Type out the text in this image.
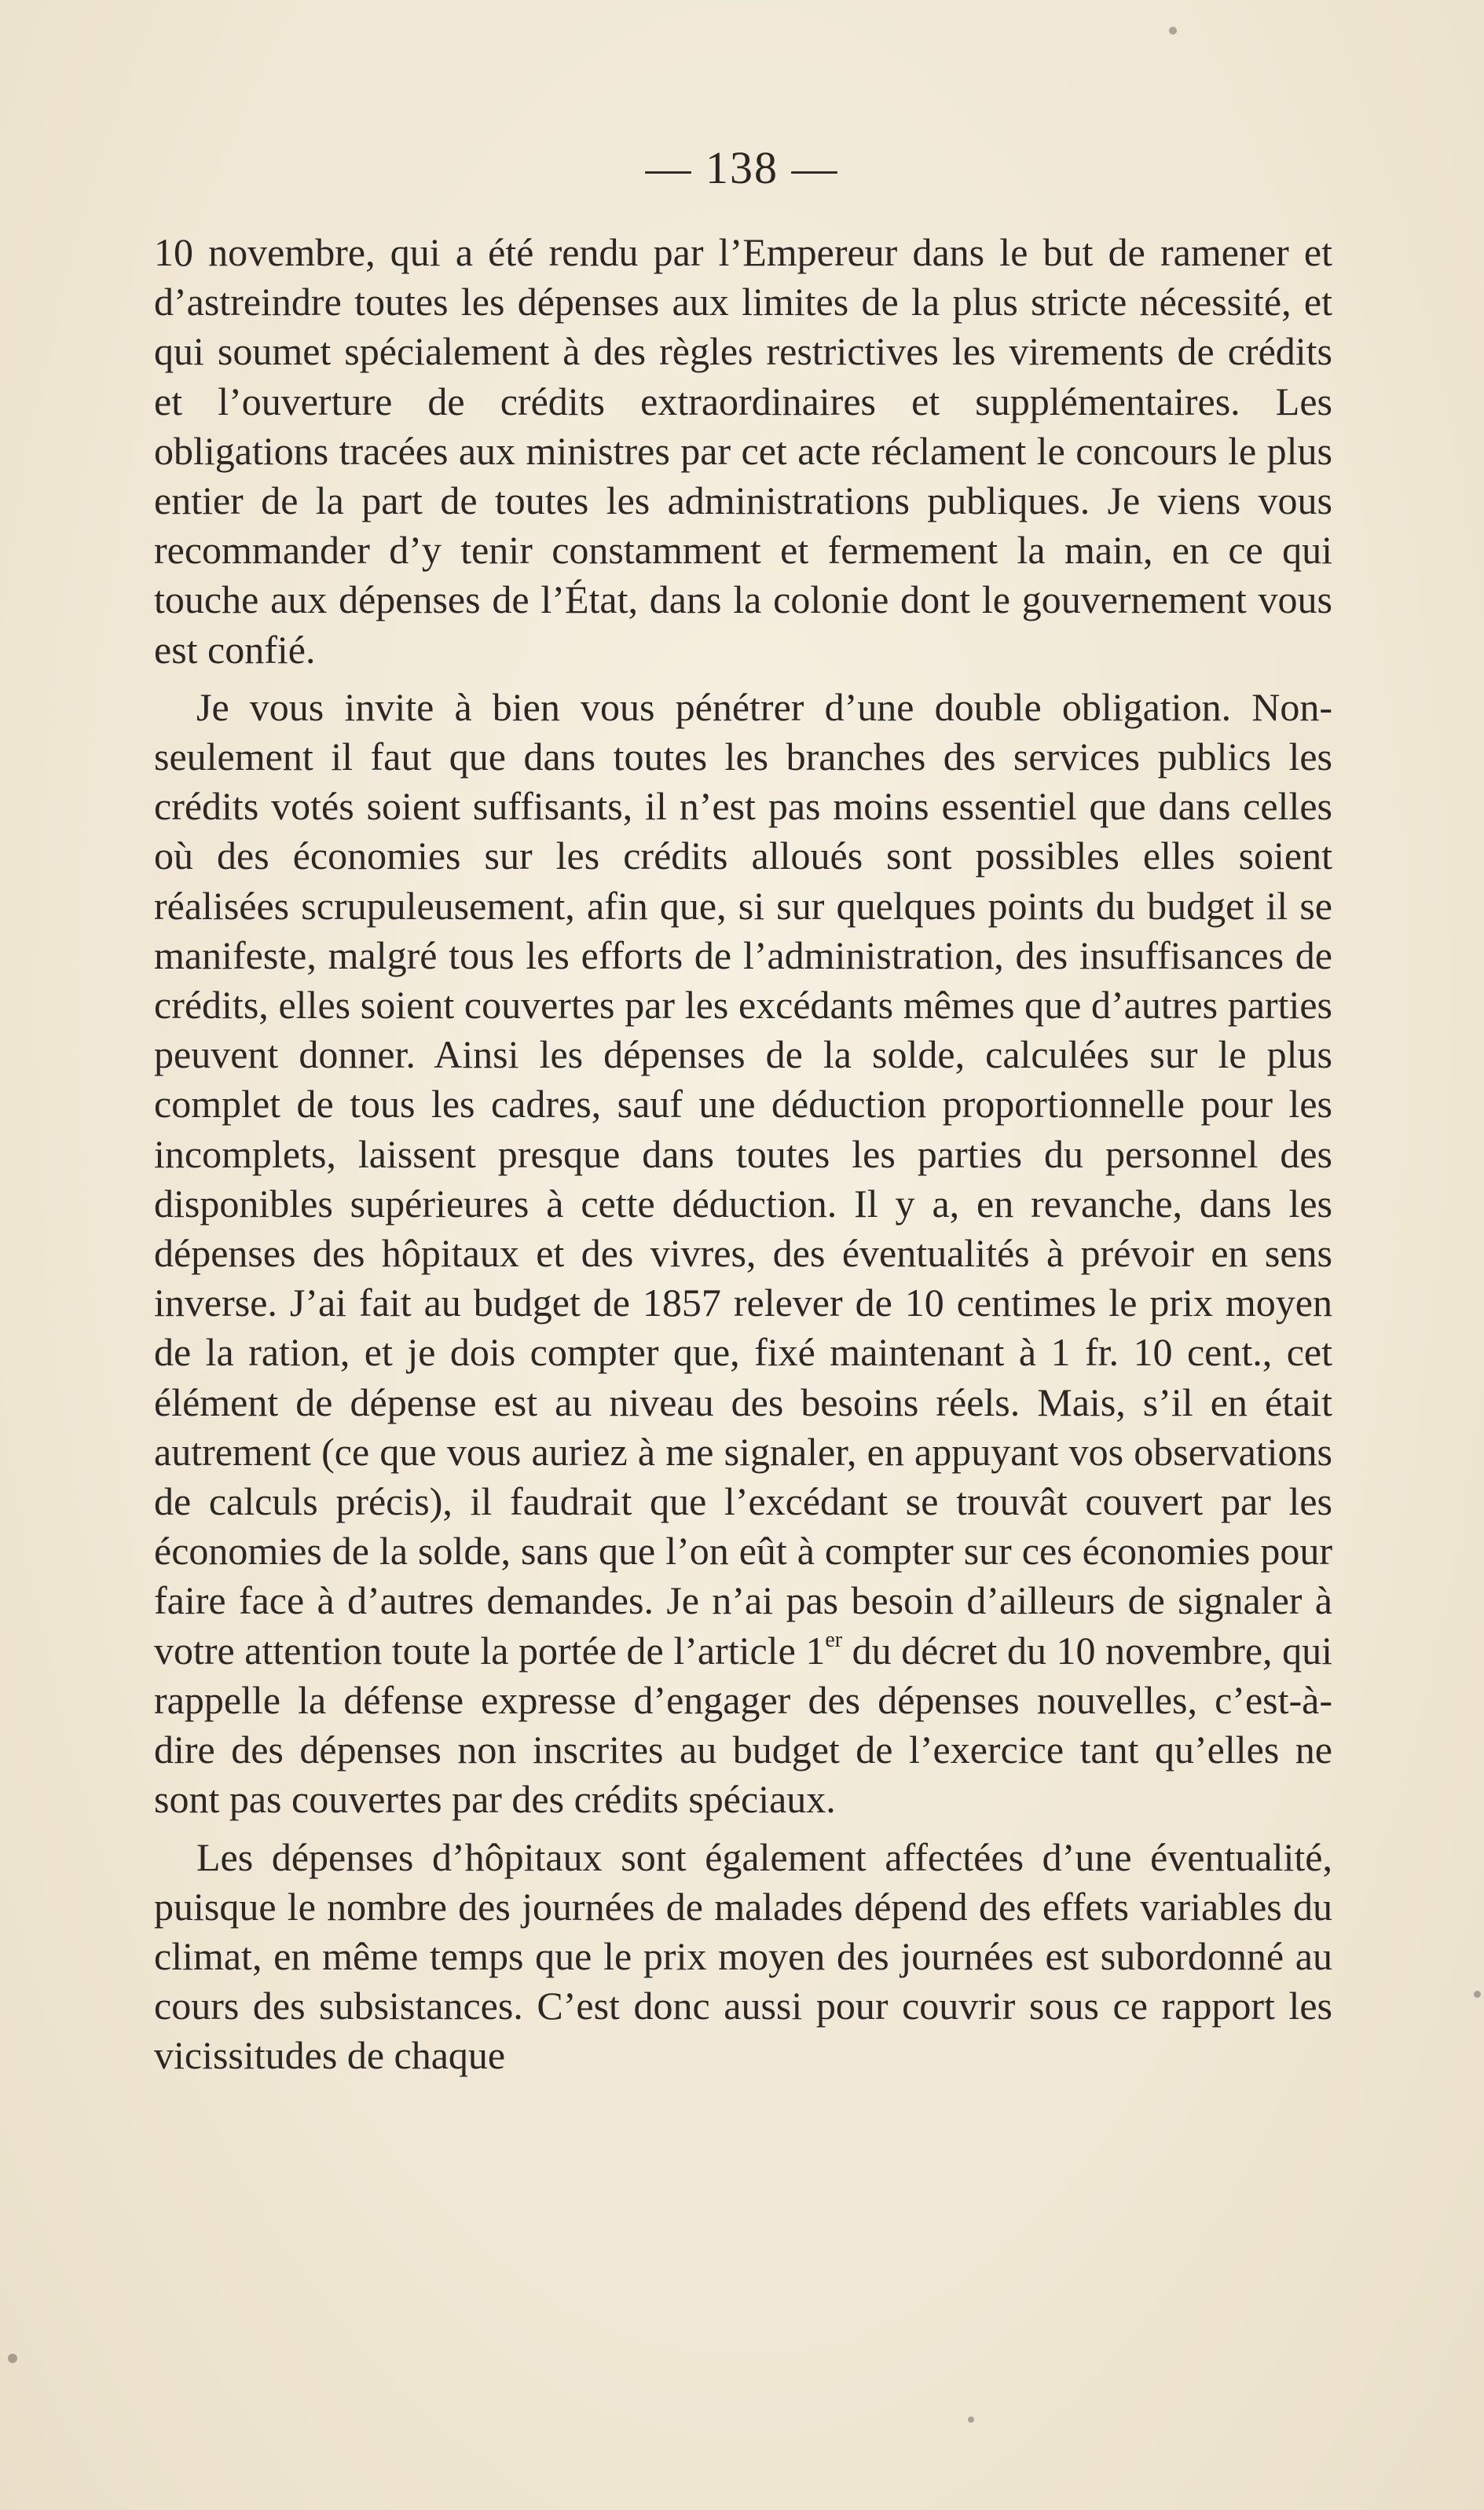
— 138 —

10 novembre, qui a été rendu par l’Empereur dans le but de ramener et d’astreindre toutes les dépenses aux limites de la plus stricte nécessité, et qui soumet spécialement à des règles restrictives les virements de crédits et l’ouverture de crédits extraordinaires et supplémentaires. Les obligations tracées aux ministres par cet acte réclament le concours le plus entier de la part de toutes les administrations publiques. Je viens vous recommander d’y tenir constamment et fermement la main, en ce qui touche aux dépenses de l’État, dans la colonie dont le gouvernement vous est confié.

Je vous invite à bien vous pénétrer d’une double obligation. Non-seulement il faut que dans toutes les branches des services publics les crédits votés soient suffisants, il n’est pas moins essentiel que dans celles où des économies sur les crédits alloués sont possibles elles soient réalisées scrupuleusement, afin que, si sur quelques points du budget il se manifeste, malgré tous les efforts de l’administration, des insuffisances de crédits, elles soient couvertes par les excédants mêmes que d’autres parties peuvent donner. Ainsi les dépenses de la solde, calculées sur le plus complet de tous les cadres, sauf une déduction proportionnelle pour les incomplets, laissent presque dans toutes les parties du personnel des disponibles supérieures à cette déduction. Il y a, en revanche, dans les dépenses des hôpitaux et des vivres, des éventualités à prévoir en sens inverse. J’ai fait au budget de 1857 relever de 10 centimes le prix moyen de la ration, et je dois compter que, fixé maintenant à 1 fr. 10 cent., cet élément de dépense est au niveau des besoins réels. Mais, s’il en était autrement (ce que vous auriez à me signaler, en appuyant vos observations de calculs précis), il faudrait que l’excédant se trouvât couvert par les économies de la solde, sans que l’on eût à compter sur ces économies pour faire face à d’autres demandes. Je n’ai pas besoin d’ailleurs de signaler à votre attention toute la portée de l’article 1er du décret du 10 novembre, qui rappelle la défense expresse d’engager des dépenses nouvelles, c’est-à-dire des dépenses non inscrites au budget de l’exercice tant qu’elles ne sont pas couvertes par des crédits spéciaux.

Les dépenses d’hôpitaux sont également affectées d’une éventualité, puisque le nombre des journées de malades dépend des effets variables du climat, en même temps que le prix moyen des journées est subordonné au cours des subsistances. C’est donc aussi pour couvrir sous ce rapport les vicissitudes de chaque
